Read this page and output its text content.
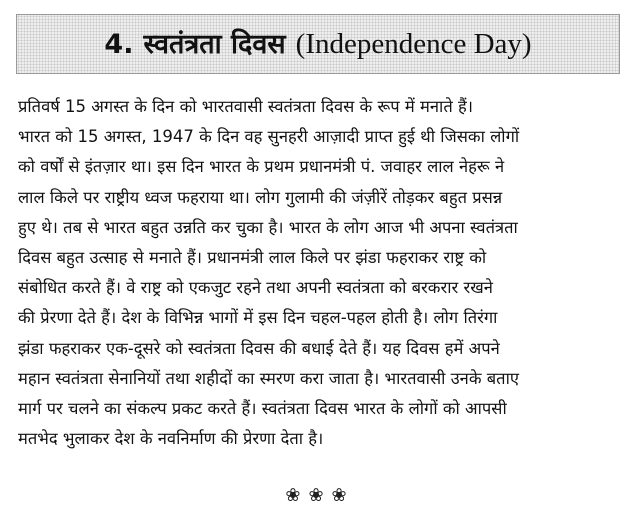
4. स्वतंत्रता दिवस (Independence Day)
प्रतिवर्ष 15 अगस्त के दिन को भारतवासी स्वतंत्रता दिवस के रूप में मनाते हैं।
भारत को 15 अगस्त, 1947 के दिन वह सुनहरी आज़ादी प्राप्त हुई थी जिसका लोगों
को वर्षों से इंतज़ार था। इस दिन भारत के प्रथम प्रधानमंत्री पं. जवाहर लाल नेहरू ने
लाल किले पर राष्ट्रीय ध्वज फहराया था। लोग गुलामी की जंज़ीरें तोड़कर बहुत प्रसन्न
हुए थे। तब से भारत बहुत उन्नति कर चुका है। भारत के लोग आज भी अपना स्वतंत्रता
दिवस बहुत उत्साह से मनाते हैं। प्रधानमंत्री लाल किले पर झंडा फहराकर राष्ट्र को
संबोधित करते हैं। वे राष्ट्र को एकजुट रहने तथा अपनी स्वतंत्रता को बरकरार रखने
की प्रेरणा देते हैं। देश के विभिन्न भागों में इस दिन चहल-पहल होती है। लोग तिरंगा
झंडा फहराकर एक-दूसरे को स्वतंत्रता दिवस की बधाई देते हैं। यह दिवस हमें अपने
महान स्वतंत्रता सेनानियों तथा शहीदों का स्मरण करा जाता है। भारतवासी उनके बताए
मार्ग पर चलने का संकल्प प्रकट करते हैं। स्वतंत्रता दिवस भारत के लोगों को आपसी
मतभेद भुलाकर देश के नवनिर्माण की प्रेरणा देता है।
❀❀❀
